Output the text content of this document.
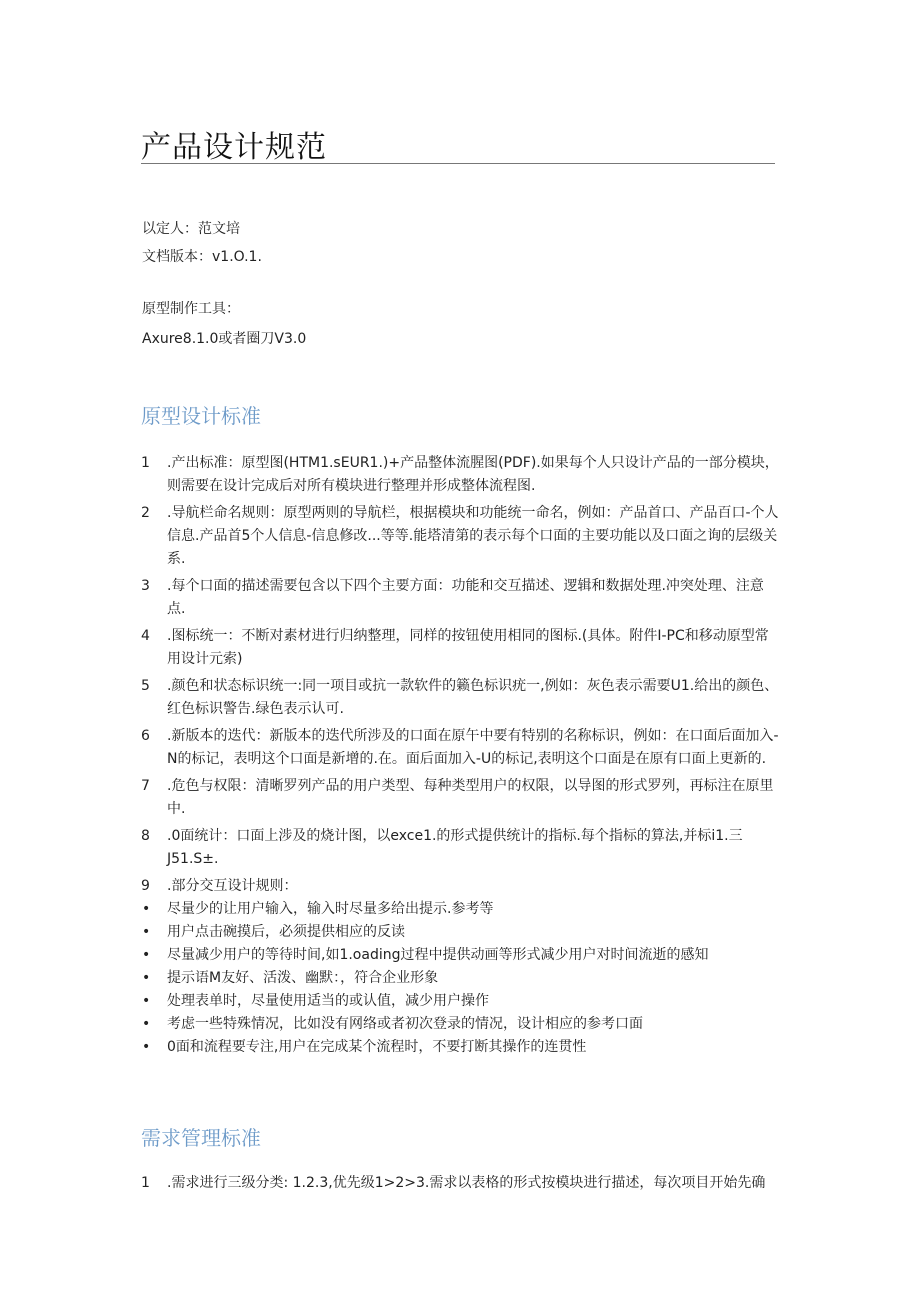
产品设计规范
以定人：范文培
文档版本：v1.O.1.
原型制作工具：
Axure8.1.0或者圈刀V3.0
原型设计标准
1	.产出标准：原型图(HTM1.sEUR1.)+产品整体流腥图(PDF).如果每个人只设计产品的一部分模块，则需要在设计完成后对所有模块进行整理并形成整体流程图.
2	.导航栏命名规则：原型两则的导航栏，根据模块和功能统一命名，例如：产品首口、产品百口-个人信息.产品首5个人信息-信息修改...等等.能塔清第的表示每个口面的主要功能以及口面之询的层级关系.
3	.每个口面的描述需要包含以下四个主要方面：功能和交互描述、逻辑和数据处理.冲突处理、注意点.
4	.图标统一：不断对素材进行归纳整理，同样的按钮使用相同的图标.(具体。附件I-PC和移动原型常用设计元索)
5	.颜色和状态标识统一:同一项目或抗一款软件的籁色标识疣一,例如：灰色表示需要U1.给出的颜色、红色标识警告.绿色表示认可.
6	.新版本的迭代：新版本的迭代所涉及的口面在原午中要有特别的名称标识，例如：在口面后面加入-N的标记，表明这个口面是新增的.在。面后面加入-U的标记,表明这个口面是在原有口面上更新的.
7	.危色与权限：清晰罗列产品的用户类型、每种类型用户的权限，以导图的形式罗列，再标注在原里中.
8	.0面统计：口面上涉及的烧计图，以exce1.的形式提供统计的指标.每个指标的算法,并标i1.三J51.S±.
9	.部分交互设计规则：
• 尽量少的让用户输入，输入时尽量多给出提示.参考等
• 用户点击碗摸后，必须提供相应的反读
• 尽量减少用户的等待时间,如1.oading过程中提供动画等形式减少用户对时间流逝的感知
• 提示语M友好、活泼、幽默：，符合企业形象
• 处理表单时，尽量使用适当的或认值，减少用户操作
• 考虑一些特殊情况，比如没有网络或者初次登录的情况，设计相应的参考口面
• 0面和流程要专注,用户在完成某个流程时，不要打断其操作的连贯性
需求管理标准
1	.需求进行三级分类: 1.2.3,优先级1>2>3.需求以表格的形式按模块进行描述，每次项目开始先确
